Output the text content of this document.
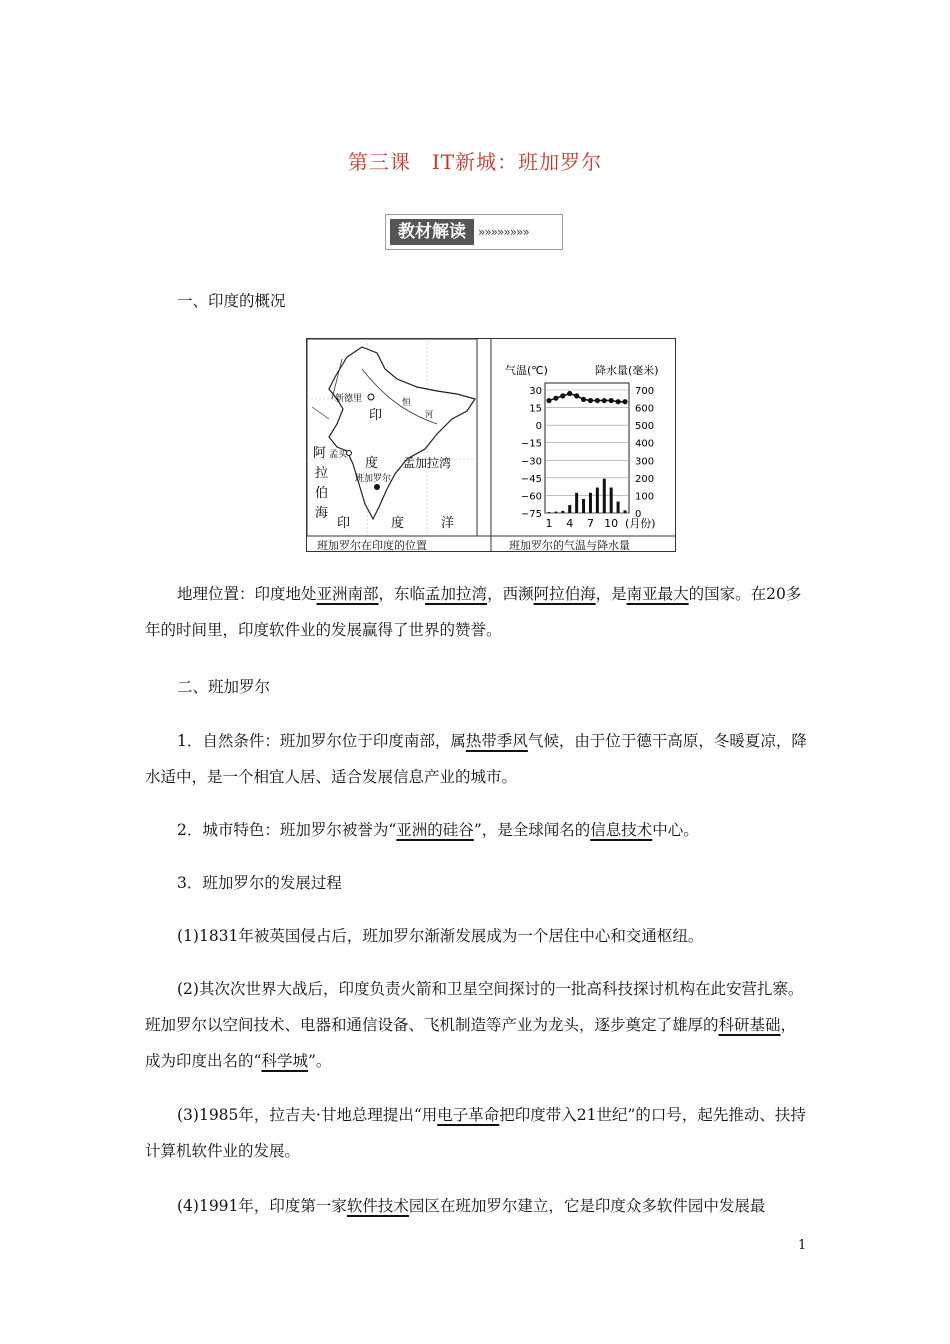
第三课　IT新城：班加罗尔
教材解读	»»»»»»»»

一、印度的概况

新德里
印
恒
河
孟买
度
班加罗尔
孟加拉湾
阿
拉
伯
海
印	度	洋
气温(℃)	降水量(毫米)
30
15
0
−15
−30
−45
−60
−75
700
600
500
400
300
200
100
0
1 4 7 10 (月份)
班加罗尔在印度的位置	班加罗尔的气温与降水量

地理位置：印度地处亚洲南部，东临孟加拉湾，西濒阿拉伯海，是南亚最大的国家。在20多年的时间里，印度软件业的发展赢得了世界的赞誉。

二、班加罗尔

1．自然条件：班加罗尔位于印度南部，属热带季风气候，由于位于德干高原，冬暖夏凉，降水适中，是一个相宜人居、适合发展信息产业的城市。

2．城市特色：班加罗尔被誉为“亚洲的硅谷”，是全球闻名的信息技术中心。

3．班加罗尔的发展过程

(1)1831年被英国侵占后，班加罗尔渐渐发展成为一个居住中心和交通枢纽。

(2)其次次世界大战后，印度负责火箭和卫星空间探讨的一批高科技探讨机构在此安营扎寨。班加罗尔以空间技术、电器和通信设备、飞机制造等产业为龙头，逐步奠定了雄厚的科研基础，成为印度出名的“科学城”。

(3)1985年，拉吉夫·甘地总理提出“用电子革命把印度带入21世纪”的口号，起先推动、扶持计算机软件业的发展。

(4)1991年，印度第一家软件技术园区在班加罗尔建立，它是印度众多软件园中发展最

1
